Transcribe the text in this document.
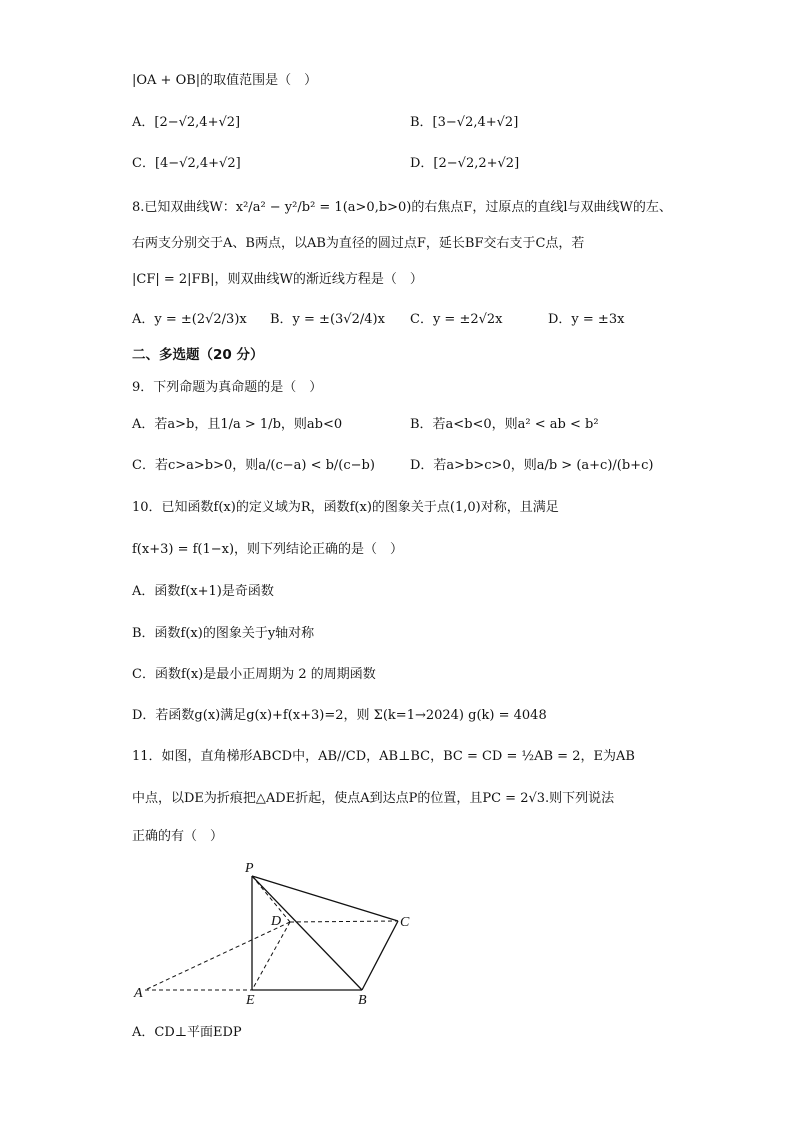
|OA + OB|的取值范围是（　）
A．[2−√2,4+√2]	B．[3−√2,4+√2]
C．[4−√2,4+√2]	D．[2−√2,2+√2]
8.已知双曲线W：x²/a² − y²/b² = 1(a>0,b>0)的右焦点F，过原点的直线l与双曲线W的左、
右两支分别交于A、B两点，以AB为直径的圆过点F，延长BF交右支于C点，若
|CF| = 2|FB|，则双曲线W的渐近线方程是（　）
A．y = ±(2√2/3)x B．y = ±(3√2/4)x C．y = ±2√2x	D．y = ±3x
二、多选题（20 分）
9．下列命题为真命题的是（　）
A．若a>b，且1/a > 1/b，则ab<0	B．若a<b<0，则a² < ab < b²
C．若c>a>b>0，则a/(c−a) < b/(c−b)	D．若a>b>c>0，则a/b > (a+c)/(b+c)
10．已知函数f(x)的定义域为R，函数f(x)的图象关于点(1,0)对称，且满足
f(x+3) = f(1−x)，则下列结论正确的是（　）
A．函数f(x+1)是奇函数
B．函数f(x)的图象关于y轴对称
C．函数f(x)是最小正周期为 2 的周期函数
D．若函数g(x)满足g(x)+f(x+3)=2，则 Σ(k=1→2024) g(k) = 4048
11．如图，直角梯形ABCD中，AB//CD，AB⊥BC，BC = CD = ½AB = 2，E为AB
中点，以DE为折痕把△ADE折起，使点A到达点P的位置，且PC = 2√3.则下列说法
正确的有（　）
P
D	C
A	E	B
A．CD⊥平面EDP
